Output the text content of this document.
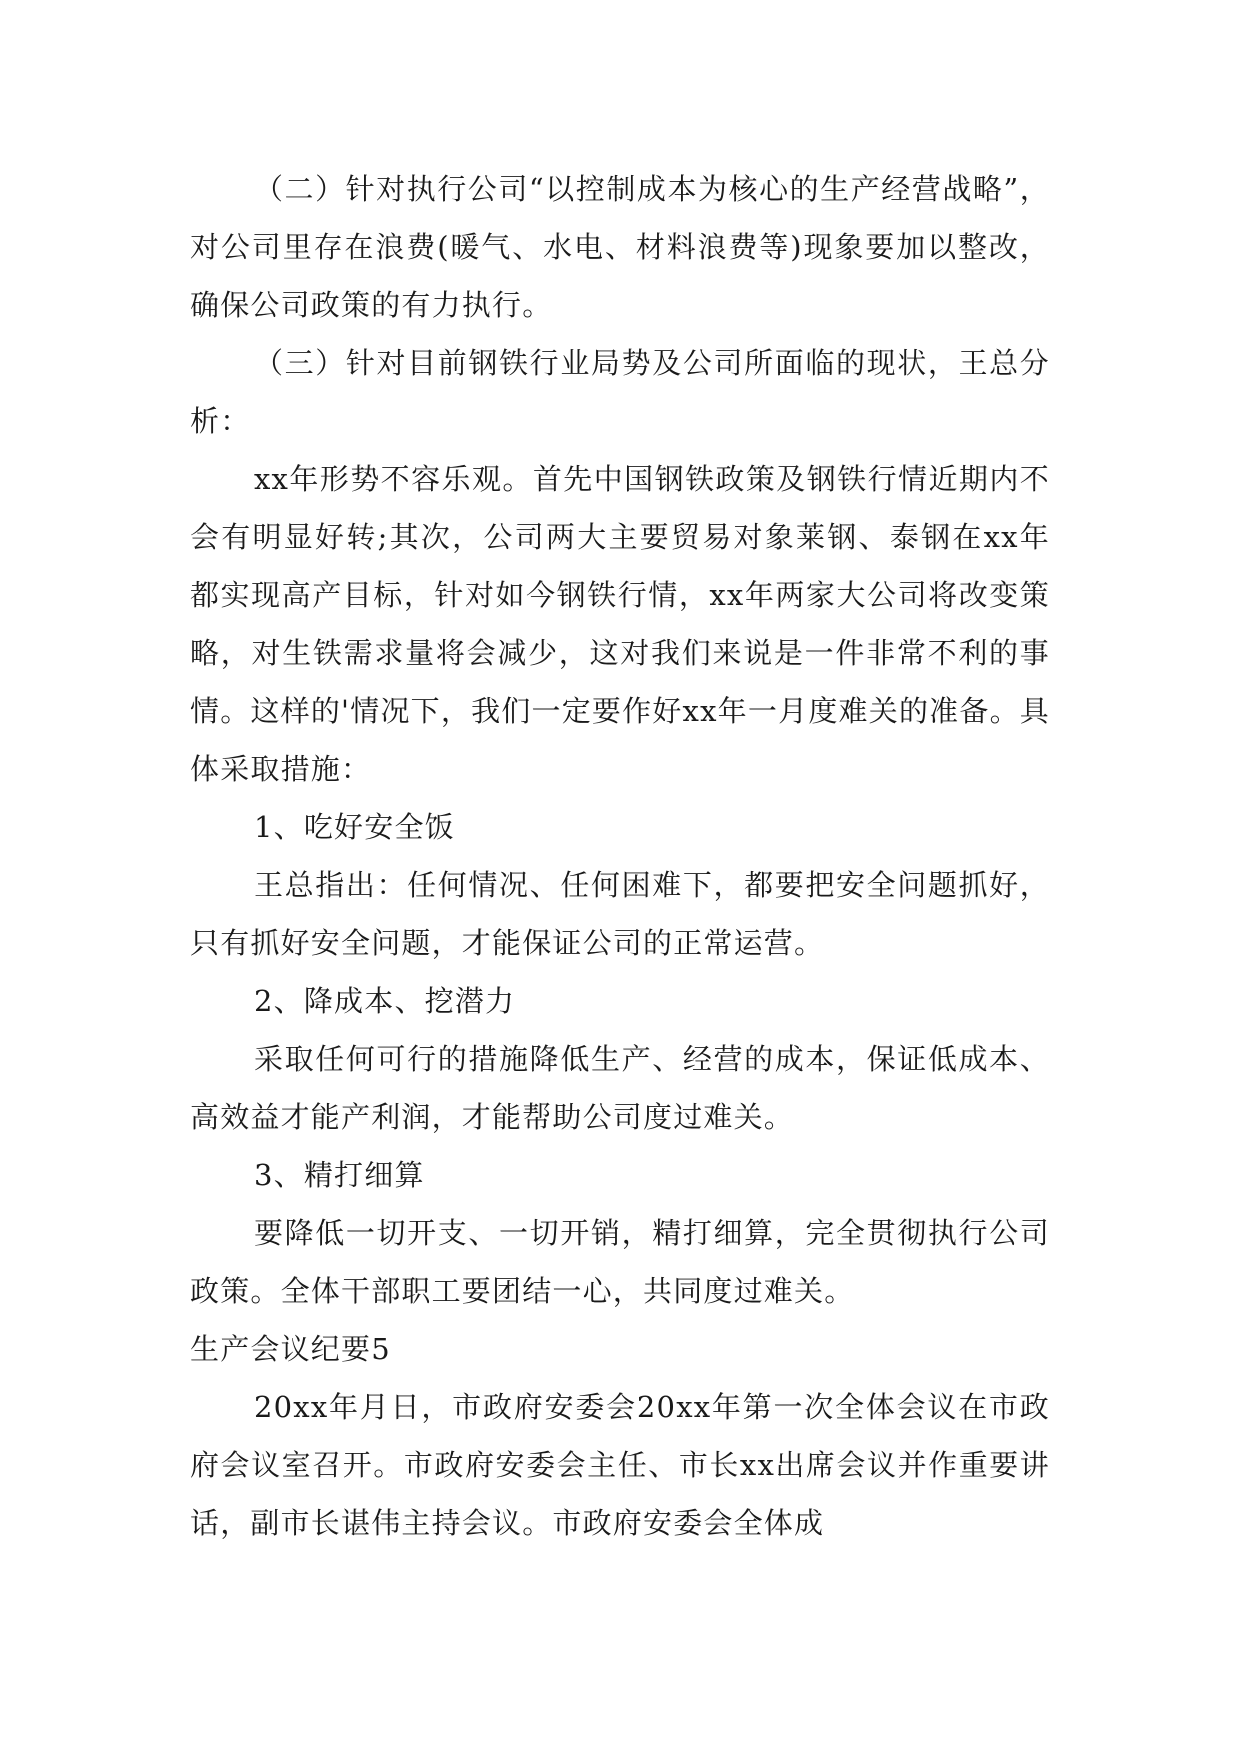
（二）针对执行公司“以控制成本为核心的生产经营战略”，对公司里存在浪费(暖气、水电、材料浪费等)现象要加以整改，确保公司政策的有力执行。

（三）针对目前钢铁行业局势及公司所面临的现状，王总分析：

xx年形势不容乐观。首先中国钢铁政策及钢铁行情近期内不会有明显好转;其次，公司两大主要贸易对象莱钢、泰钢在xx年都实现高产目标，针对如今钢铁行情，xx年两家大公司将改变策略，对生铁需求量将会减少，这对我们来说是一件非常不利的事情。这样的'情况下，我们一定要作好xx年一月度难关的准备。具体采取措施：

1、吃好安全饭

王总指出：任何情况、任何困难下，都要把安全问题抓好，只有抓好安全问题，才能保证公司的正常运营。

2、降成本、挖潜力

采取任何可行的措施降低生产、经营的成本，保证低成本、高效益才能产利润，才能帮助公司度过难关。

3、精打细算

要降低一切开支、一切开销，精打细算，完全贯彻执行公司政策。全体干部职工要团结一心，共同度过难关。

生产会议纪要5

20xx年月日，市政府安委会20xx年第一次全体会议在市政府会议室召开。市政府安委会主任、市长xx出席会议并作重要讲话，副市长谌伟主持会议。市政府安委会全体成
